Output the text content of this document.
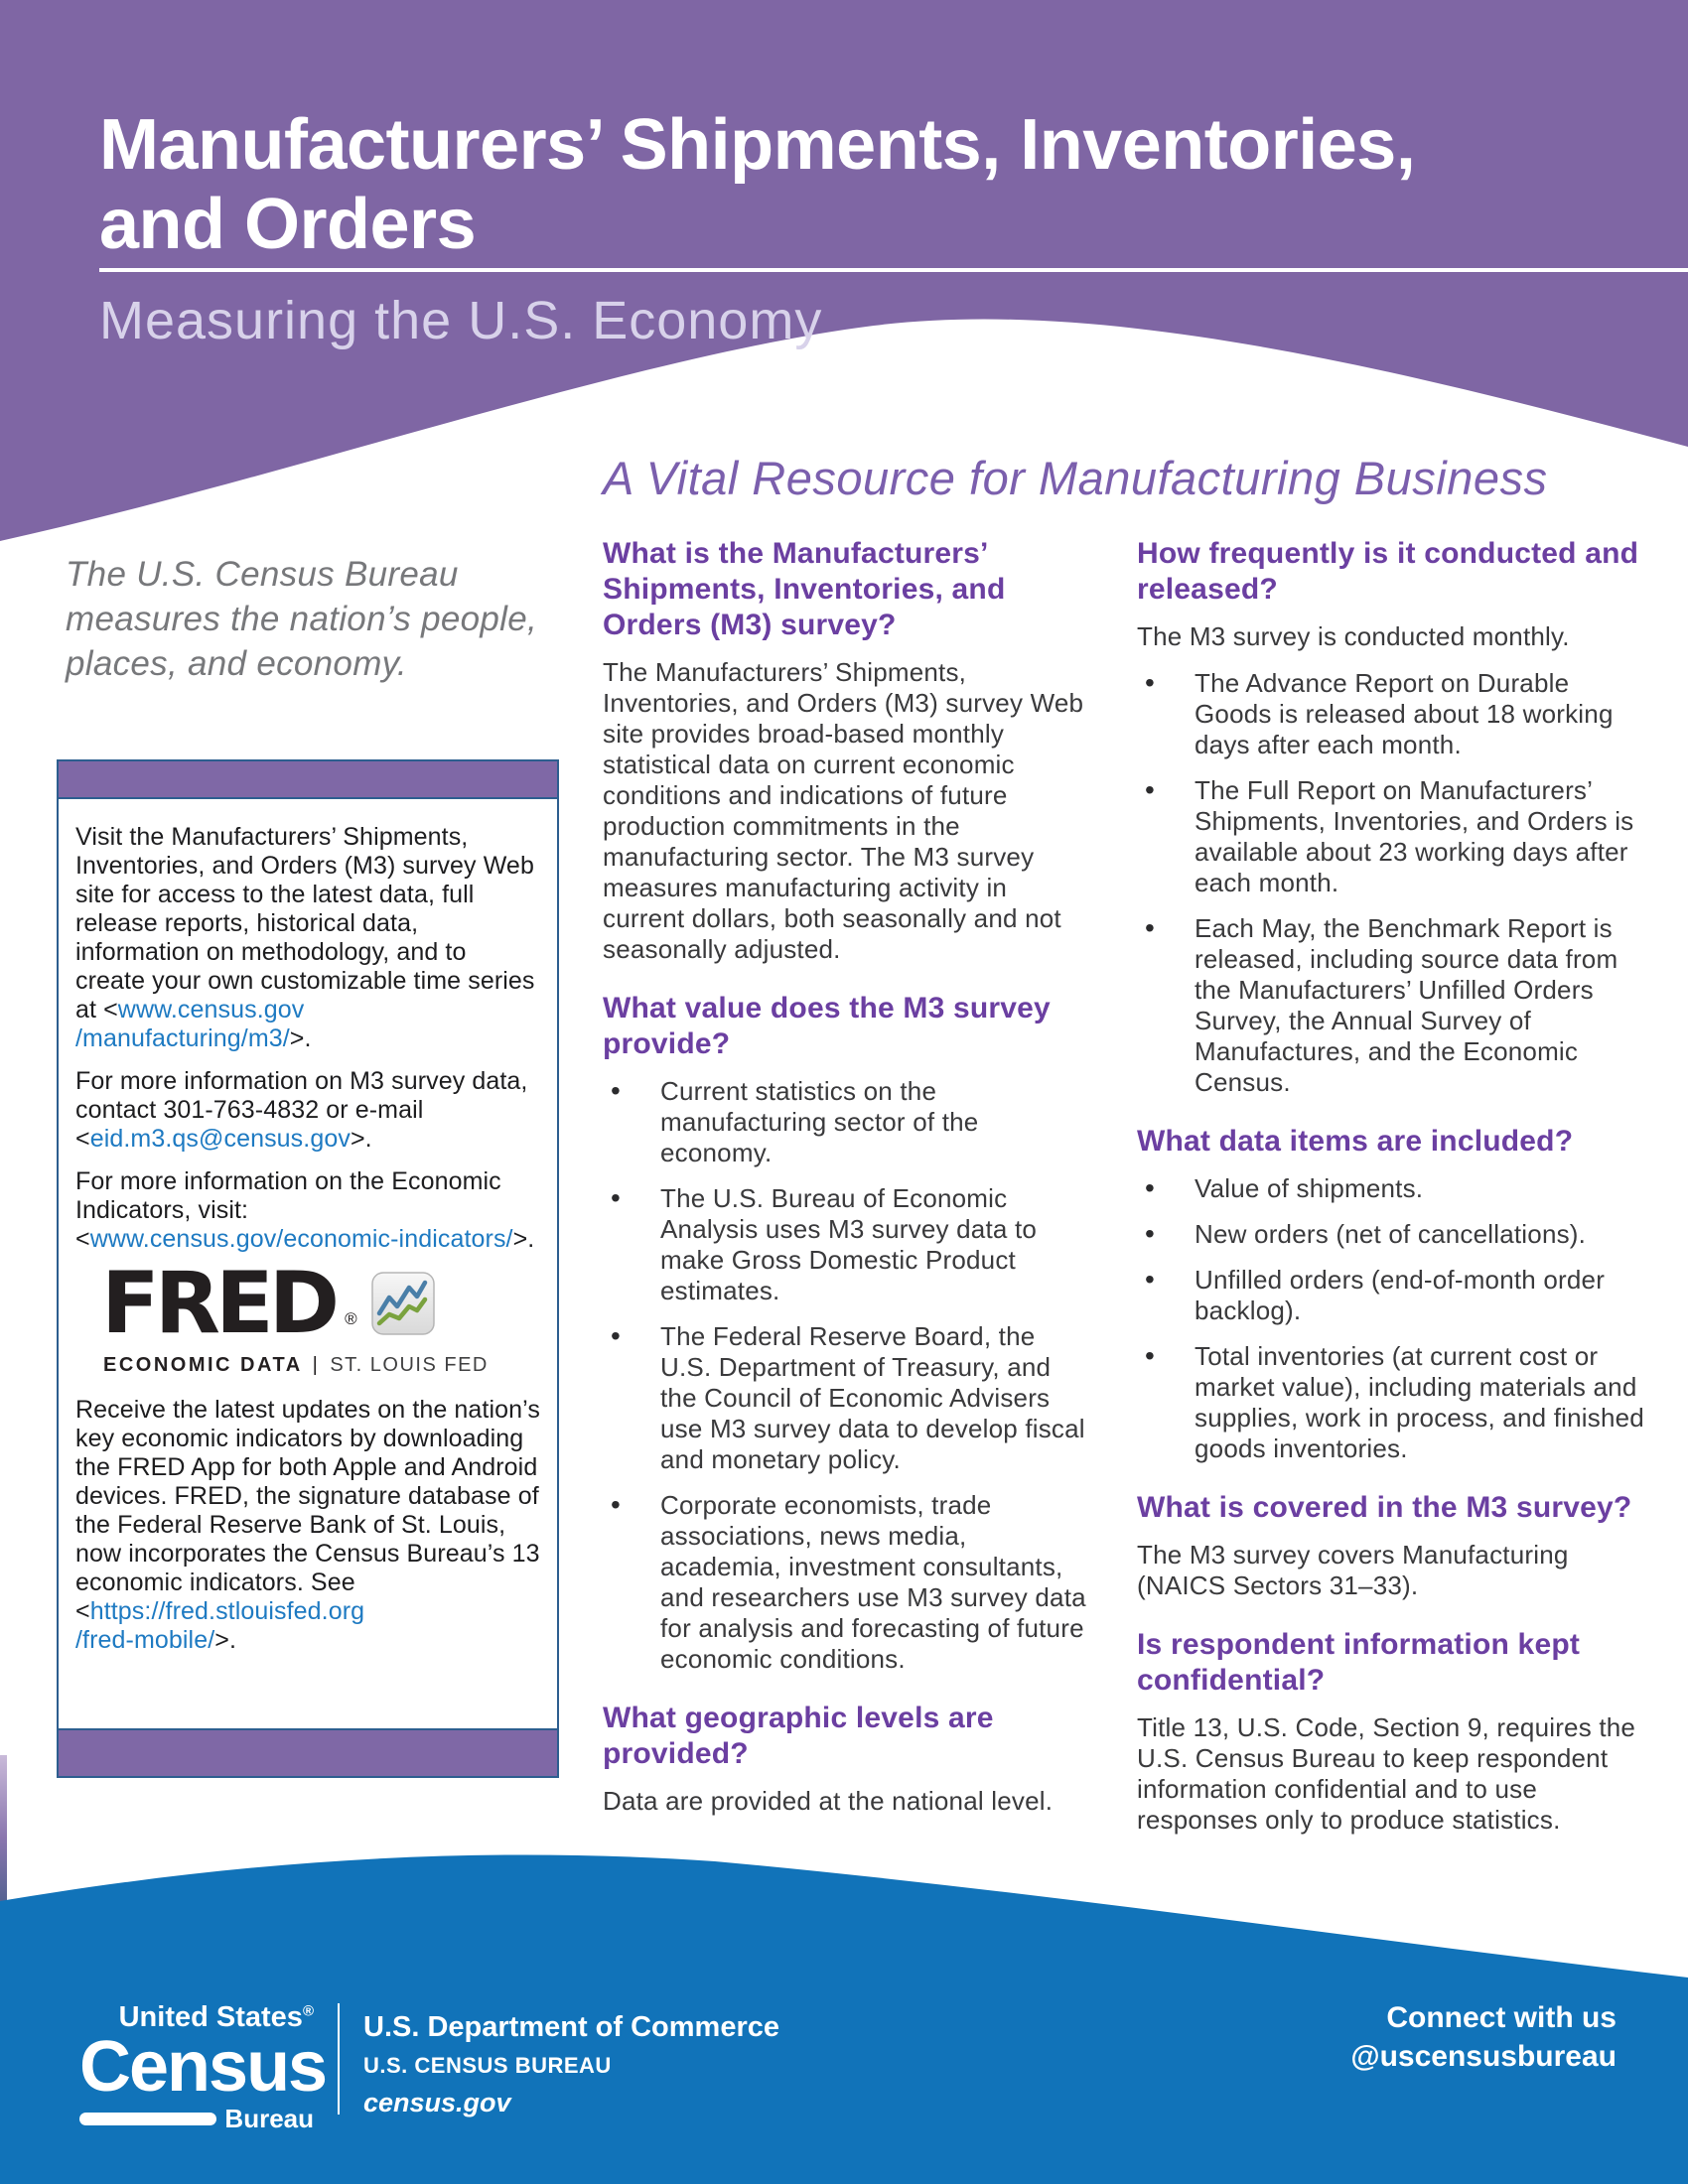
Manufacturers’ Shipments, Inventories,
and Orders
Measuring the U.S. Economy
The U.S. Census Bureau measures the nation’s people, places, and economy.

Visit the Manufacturers’ Shipments, Inventories, and Orders (M3) survey Web site for access to the latest data, full release reports, historical data, information on methodology, and to create your own customizable time series at <www.census.gov
/manufacturing/m3/>.

For more information on M3 survey data, contact 301-763-4832 or e-mail <eid.m3.qs@census.gov>.

For more information on the Economic Indicators, visit: <www.census.gov/economic-indicators/>.

FRED ®
ECONOMIC DATA | ST. LOUIS FED

Receive the latest updates on the nation’s key economic indicators by downloading the FRED App for both Apple and Android devices. FRED, the signature database of the Federal Reserve Bank of St. Louis, now incorporates the Census Bureau’s 13 economic indicators. See <https://fred.stlouisfed.org
/fred-mobile/>.

A Vital Resource for Manufacturing Business
What is the Manufacturers’ Shipments, Inventories, and Orders (M3) survey?

The Manufacturers’ Shipments, Inventories, and Orders (M3) survey Web site provides broad-based monthly statistical data on current economic conditions and indications of future production commitments in the manufacturing sector. The M3 survey measures manufacturing activity in current dollars, both seasonally and not seasonally adjusted.

What value does the M3 survey provide?
• Current statistics on the manufacturing sector of the economy.
• The U.S. Bureau of Economic Analysis uses M3 survey data to make Gross Domestic Product estimates.
• The Federal Reserve Board, the U.S. Department of Treasury, and the Council of Economic Advisers use M3 survey data to develop fiscal and monetary policy.
• Corporate economists, trade associations, news media, academia, investment consultants, and researchers use M3 survey data for analysis and forecasting of future economic conditions.
What geographic levels are provided?

Data are provided at the national level.

How frequently is it conducted and released?

The M3 survey is conducted monthly.

• The Advance Report on Durable Goods is released about 18 working days after each month.
• The Full Report on Manufacturers’ Shipments, Inventories, and Orders is available about 23 working days after each month.
• Each May, the Benchmark Report is released, including source data from the Manufacturers’ Unfilled Orders Survey, the Annual Survey of Manufactures, and the Economic Census.
What data items are included?
• Value of shipments.
• New orders (net of cancellations).
• Unfilled orders (end-of-month order backlog).
• Total inventories (at current cost or market value), including materials and supplies, work in process, and finished goods inventories.
What is covered in the M3 survey?

The M3 survey covers Manufacturing (NAICS Sectors 31–33).

Is respondent information kept confidential?

Title 13, U.S. Code, Section 9, requires the U.S. Census Bureau to keep respondent information confidential and to use responses only to produce statistics.

United States®
Census
Bureau
U.S. Department of Commerce
U.S. CENSUS BUREAU
census.gov
Connect with us
@uscensusbureau
